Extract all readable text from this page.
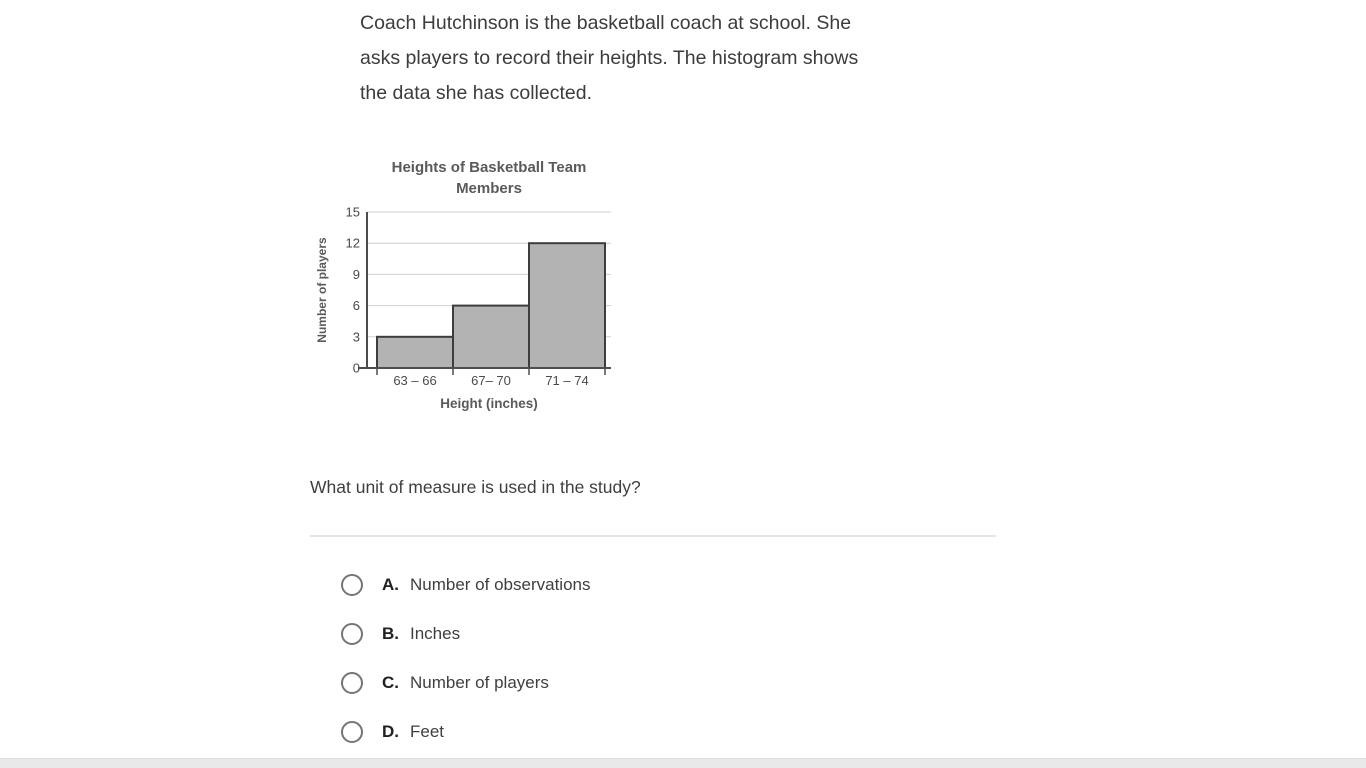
Coach Hutchinson is the basketball coach at school. She
asks players to record their heights. The histogram shows
the data she has collected.
Heights of Basketball Team
Members
0
3
6
9
12
15
63 – 66	67– 70	71 – 74
Height (inches)
Number of players
What unit of measure is used in the study?
A. Number of observations
B. Inches
C. Number of players
D. Feet
